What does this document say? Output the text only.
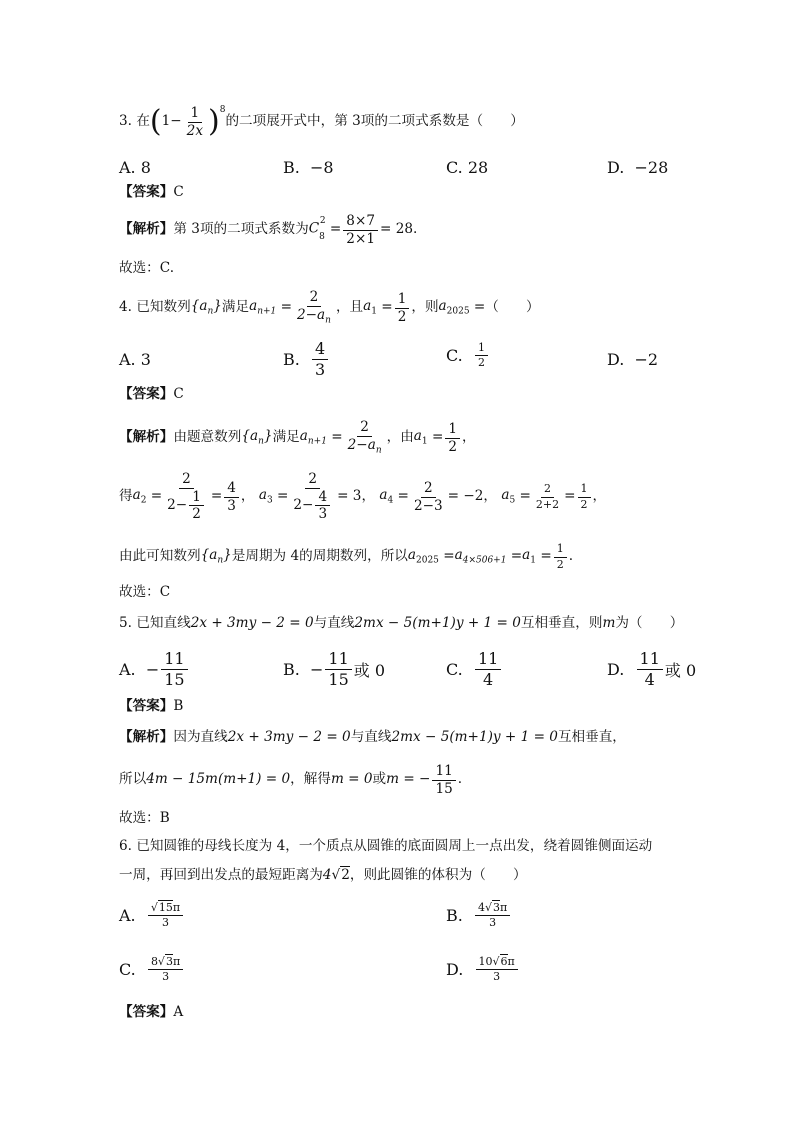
3.
在 ( $1- \frac{1}{2x} )^8$
的二项展开式中，第 3项的二项式系数是（　　）
A. 8	B.
−8	C. 28	D.
−28
【答案】 C
【解析】 第 3项的二项式系数为 $C_8^2$
= $\frac{8\times 7}{2\times 1} = 28$ .
故选：C.
4.
已知数列 $\{a_n\}$ 满足 $a_{n+1} = \frac{2}{2-a_n}$ ，且 $a_1 = \frac{1}{2}$ ，则 $a_{2025}$ = （　　）
A. 3	B.
$\frac{4}{3}$	C.
$\frac{1}{2}$	D.
−2
【答案】 C
【解析】 由题意数列 $\{a_n\}$ 满足 $a_{n+1} = \frac{2}{2-a_n}$ ，由 $a_1 = \frac{1}{2}$ ，
得 $a_2 = \frac{2}{2- \frac{1}{2}} = \frac{4}{3}$ ， $a_3 = \frac{2}{2- \frac{4}{3}} = 3$ ， $a_4 = \frac{2}{2-3} = -2$ ， $a_5 = \frac{2}{2+2} = \frac{1}{2}$ ，
由此可知数列 $\{a_n\}$ 是周期为 4的周期数列，所以 $a_{2025} = a_{4\times 506+1} = a_1 = \frac{1}{2}$ .
故选：C
5.
已知直线 2x + 3my − 2 = 0 与直线 2mx − 5(m+1)y + 1 = 0 互相垂直，则 m 为（　　）
A. − $\frac{11}{15}$	B. − $\frac{11}{15}$ 或 0	C.
$\frac{11}{4}$	D.
$\frac{11}{4}$ 或 0
【答案】 B
【解析】 因为直线 2x + 3my − 2 = 0 与直线 2mx − 5(m+1)y + 1 = 0 互相垂直，
所以 4m − 15m(m+1) = 0 ，解得 m = 0 或 m = − $\frac{11}{15}$ .
故选：B
6.
已知圆锥的母线长度为 4，一个质点从圆锥的底面圆周上一点出发，绕着圆锥侧面运动
一周，再回到出发点的最短距离为 4√2 ，则此圆锥的体积为（　　）
A.
$\frac{√15\pi}{3}$	B.
$\frac{4√3\pi}{3}$
C.
$\frac{8√3\pi}{3}$	D.
$\frac{10√6\pi}{3}$
【答案】 A
